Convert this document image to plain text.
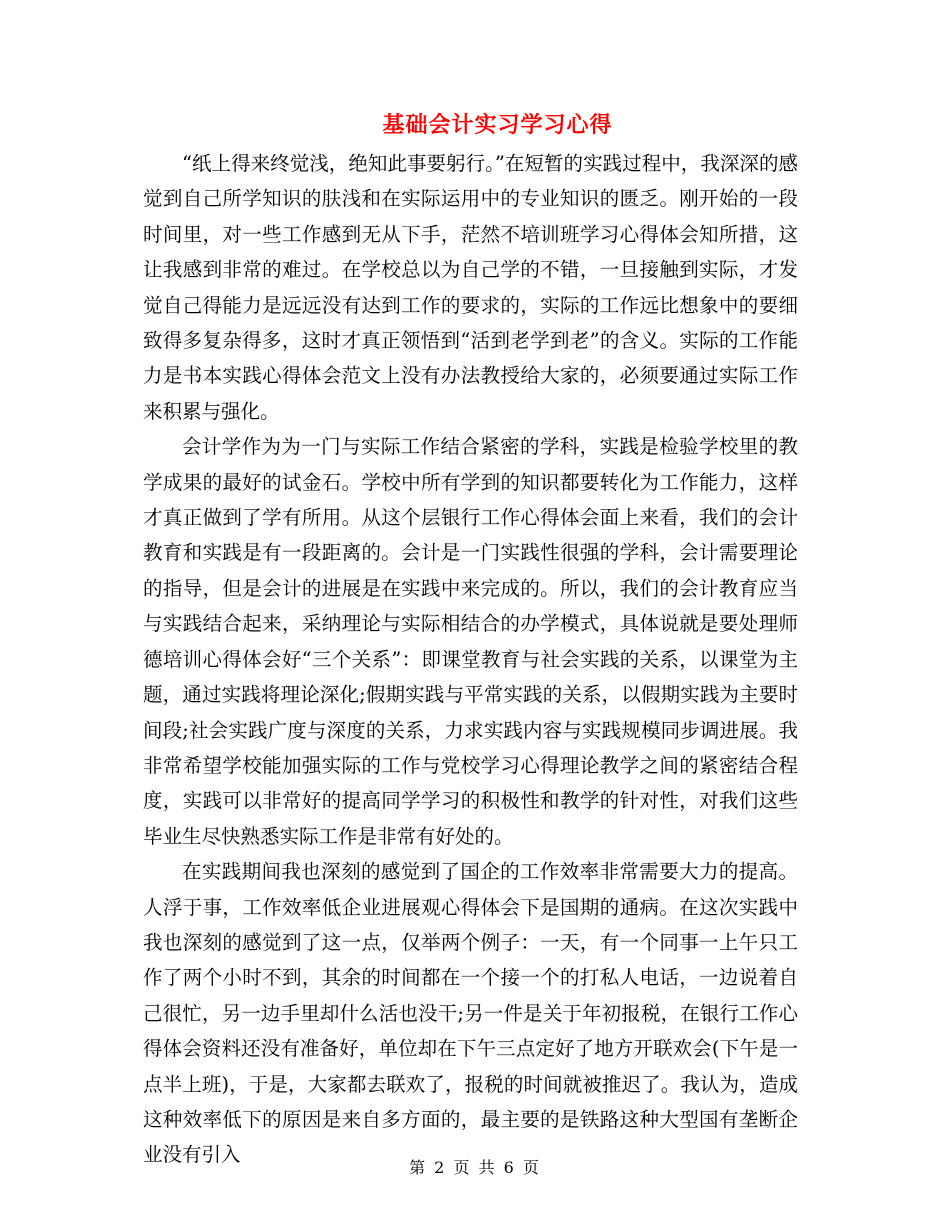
基础会计实习学习心得

“纸上得来终觉浅，绝知此事要躬行。”在短暂的实践过程中，我深深的感觉到自己所学知识的肤浅和在实际运用中的专业知识的匮乏。刚开始的一段时间里，对一些工作感到无从下手，茫然不培训班学习心得体会知所措，这让我感到非常的难过。在学校总以为自己学的不错，一旦接触到实际，才发觉自己得能力是远远没有达到工作的要求的，实际的工作远比想象中的要细致得多复杂得多，这时才真正领悟到“活到老学到老”的含义。实际的工作能力是书本实践心得体会范文上没有办法教授给大家的，必须要通过实际工作来积累与强化。

会计学作为为一门与实际工作结合紧密的学科，实践是检验学校里的教学成果的最好的试金石。学校中所有学到的知识都要转化为工作能力，这样才真正做到了学有所用。从这个层银行工作心得体会面上来看，我们的会计教育和实践是有一段距离的。会计是一门实践性很强的学科，会计需要理论的指导，但是会计的进展是在实践中来完成的。所以，我们的会计教育应当与实践结合起来，采纳理论与实际相结合的办学模式，具体说就是要处理师德培训心得体会好“三个关系”：即课堂教育与社会实践的关系，以课堂为主题，通过实践将理论深化;假期实践与平常实践的关系，以假期实践为主要时间段;社会实践广度与深度的关系，力求实践内容与实践规模同步调进展。我非常希望学校能加强实际的工作与党校学习心得理论教学之间的紧密结合程度，实践可以非常好的提高同学学习的积极性和教学的针对性，对我们这些毕业生尽快熟悉实际工作是非常有好处的。

在实践期间我也深刻的感觉到了国企的工作效率非常需要大力的提高。人浮于事，工作效率低企业进展观心得体会下是国期的通病。在这次实践中我也深刻的感觉到了这一点，仅举两个例子：一天，有一个同事一上午只工作了两个小时不到，其余的时间都在一个接一个的打私人电话，一边说着自己很忙，另一边手里却什么活也没干;另一件是关于年初报税，在银行工作心得体会资料还没有准备好，单位却在下午三点定好了地方开联欢会(下午是一点半上班)，于是，大家都去联欢了，报税的时间就被推迟了。我认为，造成这种效率低下的原因是来自多方面的，最主要的是铁路这种大型国有垄断企业没有引入

第 2 页 共 6 页
